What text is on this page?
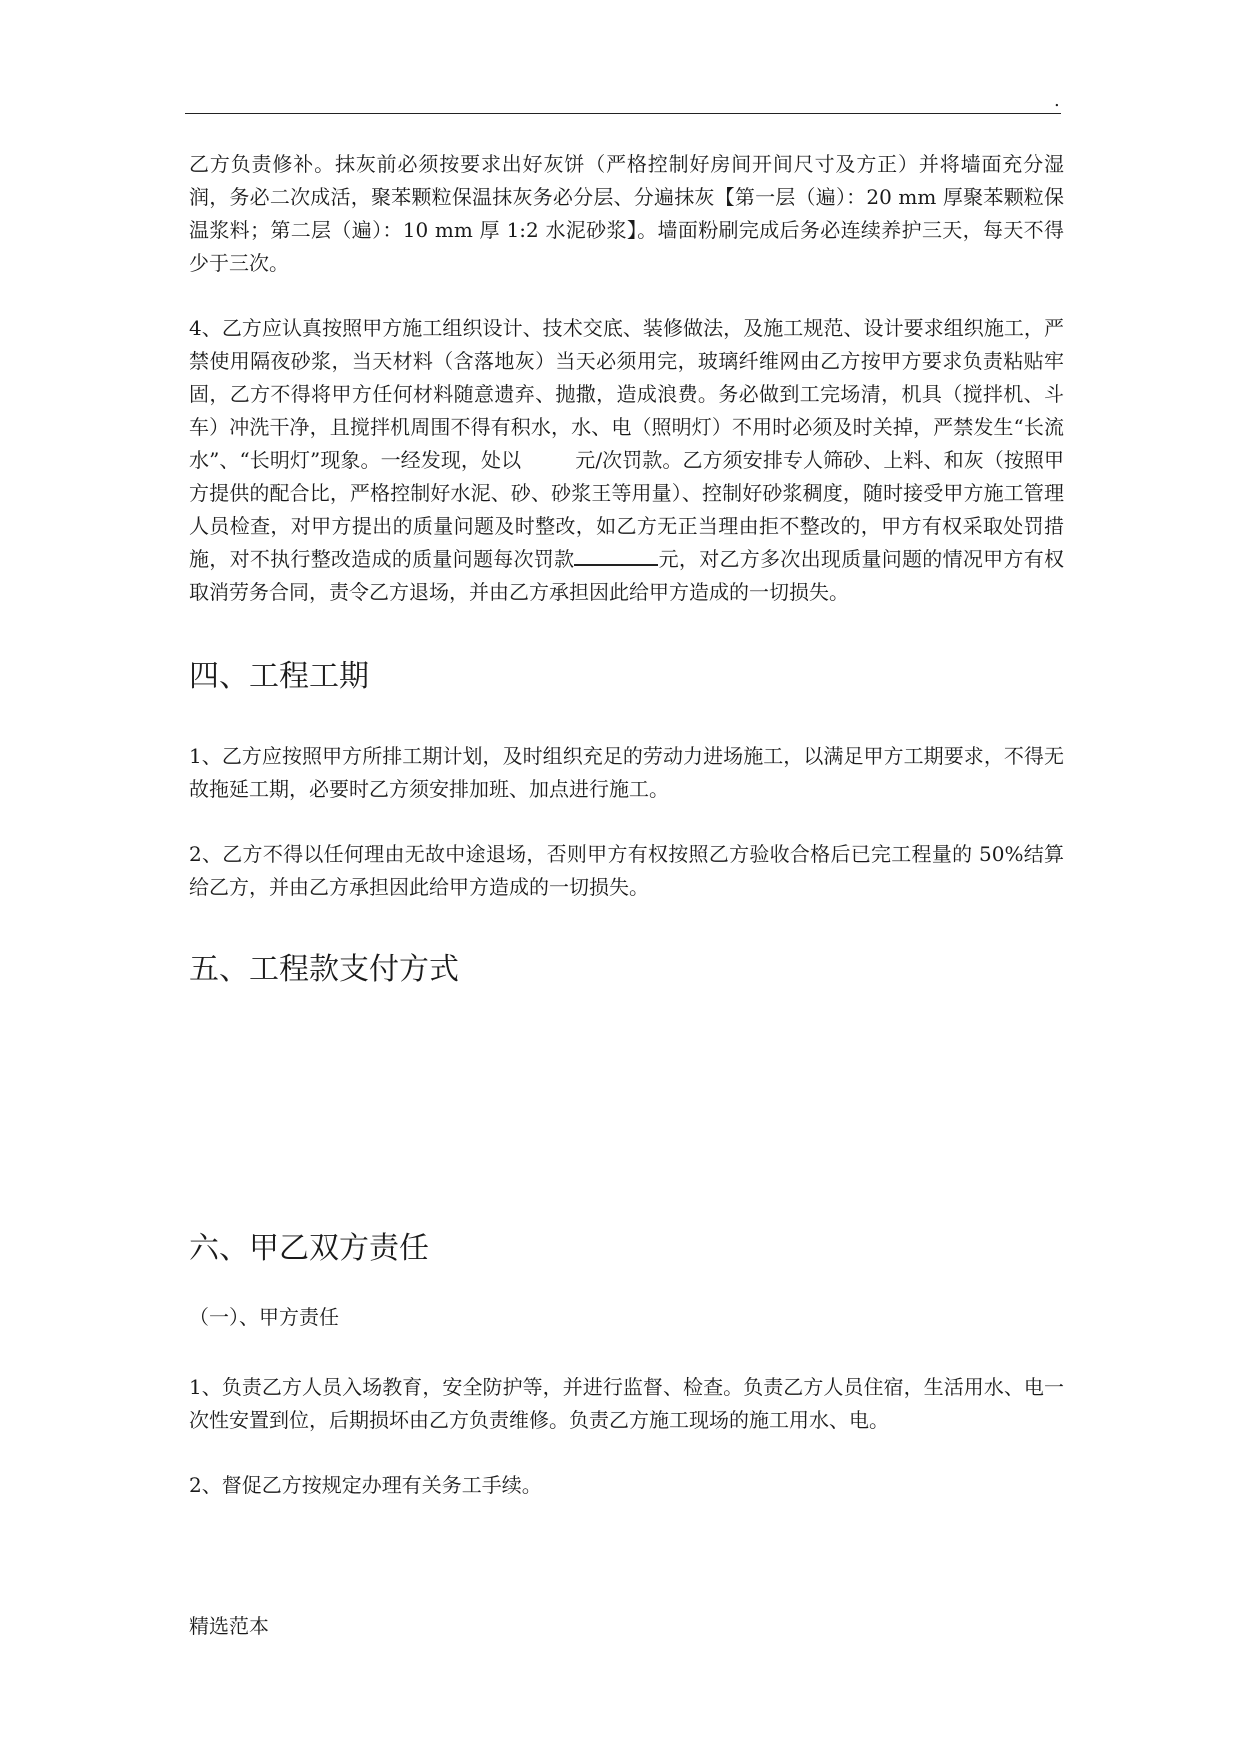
.

乙方负责修补。抹灰前必须按要求出好灰饼（严格控制好房间开间尺寸及方正）并将墙面充分湿润，务必二次成活，聚苯颗粒保温抹灰务必分层、分遍抹灰【第一层（遍）：20 mm 厚聚苯颗粒保温浆料；第二层（遍）：10 mm 厚 1:2 水泥砂浆】。墙面粉刷完成后务必连续养护三天，每天不得少于三次。

4、乙方应认真按照甲方施工组织设计、技术交底、装修做法，及施工规范、设计要求组织施工，严禁使用隔夜砂浆，当天材料（含落地灰）当天必须用完，玻璃纤维网由乙方按甲方要求负责粘贴牢固，乙方不得将甲方任何材料随意遗弃、抛撒，造成浪费。务必做到工完场清，机具（搅拌机、斗车）冲洗干净，且搅拌机周围不得有积水，水、电（照明灯）不用时必须及时关掉，严禁发生“长流水”、“长明灯”现象。一经发现，处以	元/次罚款。乙方须安排专人筛砂、上料、和灰（按照甲方提供的配合比，严格控制好水泥、砂、砂浆王等用量）、控制好砂浆稠度，随时接受甲方施工管理人员检查，对甲方提出的质量问题及时整改，如乙方无正当理由拒不整改的，甲方有权采取处罚措施，对不执行整改造成的质量问题每次罚款	元，对乙方多次出现质量问题的情况甲方有权取消劳务合同，责令乙方退场，并由乙方承担因此给甲方造成的一切损失。

四、工程工期

1、乙方应按照甲方所排工期计划，及时组织充足的劳动力进场施工，以满足甲方工期要求，不得无故拖延工期，必要时乙方须安排加班、加点进行施工。

2、乙方不得以任何理由无故中途退场，否则甲方有权按照乙方验收合格后已完工程量的 50%结算给乙方，并由乙方承担因此给甲方造成的一切损失。

五、工程款支付方式
六、甲乙双方责任

（一）、甲方责任

1、负责乙方人员入场教育，安全防护等，并进行监督、检查。负责乙方人员住宿，生活用水、电一次性安置到位，后期损坏由乙方负责维修。负责乙方施工现场的施工用水、电。

2、督促乙方按规定办理有关务工手续。

精选范本
